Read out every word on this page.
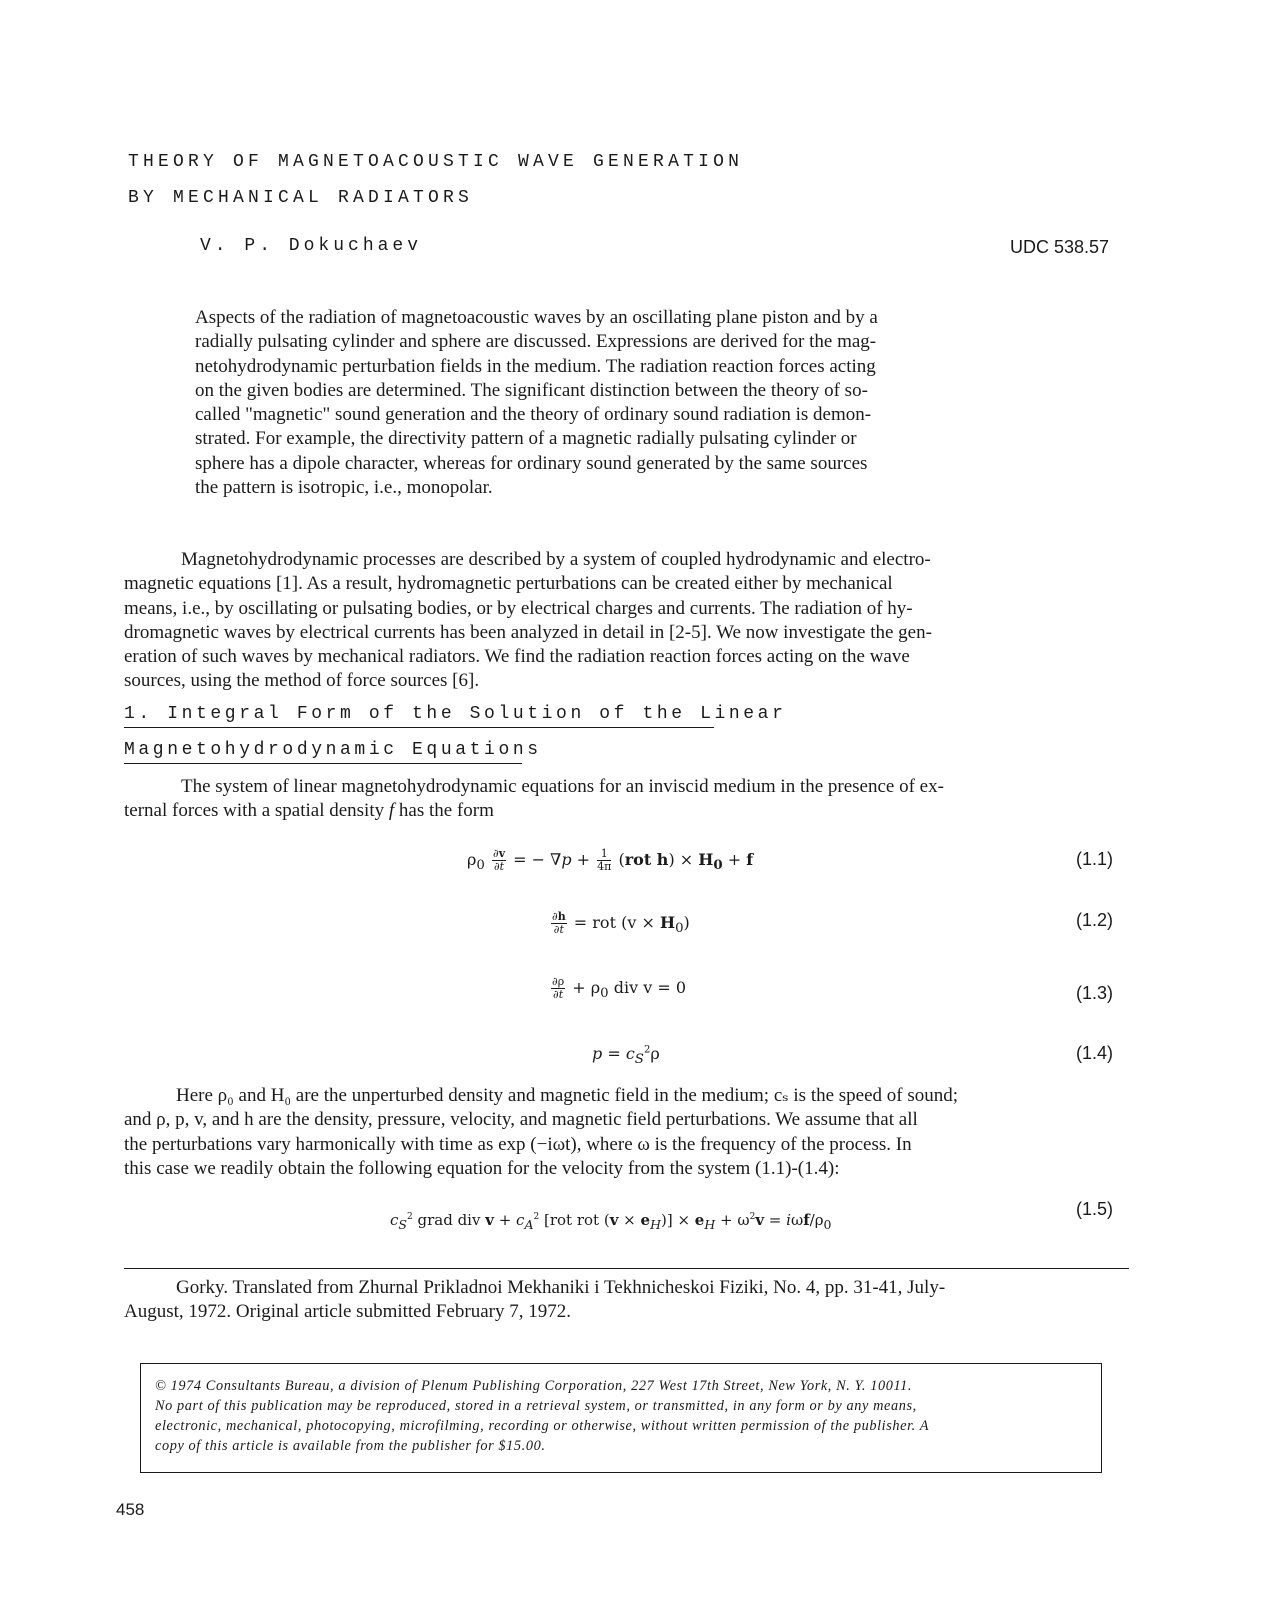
THEORY OF MAGNETOACOUSTIC WAVE GENERATION
BY MECHANICAL RADIATORS
V. P. Dokuchaev	UDC 538.57
Aspects of the radiation of magnetoacoustic waves by an oscillating plane piston and by a
radially pulsating cylinder and sphere are discussed. Expressions are derived for the mag-
netohydrodynamic perturbation fields in the medium. The radiation reaction forces acting
on the given bodies are determined. The significant distinction between the theory of so-
called "magnetic" sound generation and the theory of ordinary sound radiation is demon-
strated. For example, the directivity pattern of a magnetic radially pulsating cylinder or
sphere has a dipole character, whereas for ordinary sound generated by the same sources
the pattern is isotropic, i.e., monopolar.
Magnetohydrodynamic processes are described by a system of coupled hydrodynamic and electro-
magnetic equations [1]. As a result, hydromagnetic perturbations can be created either by mechanical
means, i.e., by oscillating or pulsating bodies, or by electrical charges and currents. The radiation of hy-
dromagnetic waves by electrical currents has been analyzed in detail in [2-5]. We now investigate the gen-
eration of such waves by mechanical radiators. We find the radiation reaction forces acting on the wave
sources, using the method of force sources [6].
1. Integral Form of the Solution of the Linear
Magnetohydrodynamic Equations
The system of linear magnetohydrodynamic equations for an inviscid medium in the presence of ex-
ternal forces with a spatial density f has the form
$\rho_0 \frac{\partial v}{\partial t}$ = − $\nabla p + \frac{1}{4\pi} (rot$ $h) \times H_0 + f$	(1.1)
$\frac{\partial h}{\partial t}$ = rot $(v \times H_0)$	(1.2)
$\frac{\partial\rho}{\partial t} + \rho_0$ div v = 0	(1.3)
$p = c_S^2\rho$	(1.4)
Here ρ₀ and H₀ are the unperturbed density and magnetic field in the medium; cₛ is the speed of sound;
and ρ, p, v, and h are the density, pressure, velocity, and magnetic field perturbations. We assume that all
the perturbations vary harmonically with time as exp (−iωt), where ω is the frequency of the process. In
this case we readily obtain the following equation for the velocity from the system (1.1)-(1.4):
$c_S^2$ grad div $v + c_A^2$ [rot rot $(v \times e_H)] \times e_H + \omega^2v = i\omega f/\rho_0$
(1.5)
Gorky. Translated from Zhurnal Prikladnoi Mekhaniki i Tekhnicheskoi Fiziki, No. 4, pp. 31-41, July-
August, 1972. Original article submitted February 7, 1972.
© 1974 Consultants Bureau, a division of Plenum Publishing Corporation, 227 West 17th Street, New York, N. Y. 10011.
No part of this publication may be reproduced, stored in a retrieval system, or transmitted, in any form or by any means,
electronic, mechanical, photocopying, microfilming, recording or otherwise, without written permission of the publisher. A
copy of this article is available from the publisher for $15.00.
458
